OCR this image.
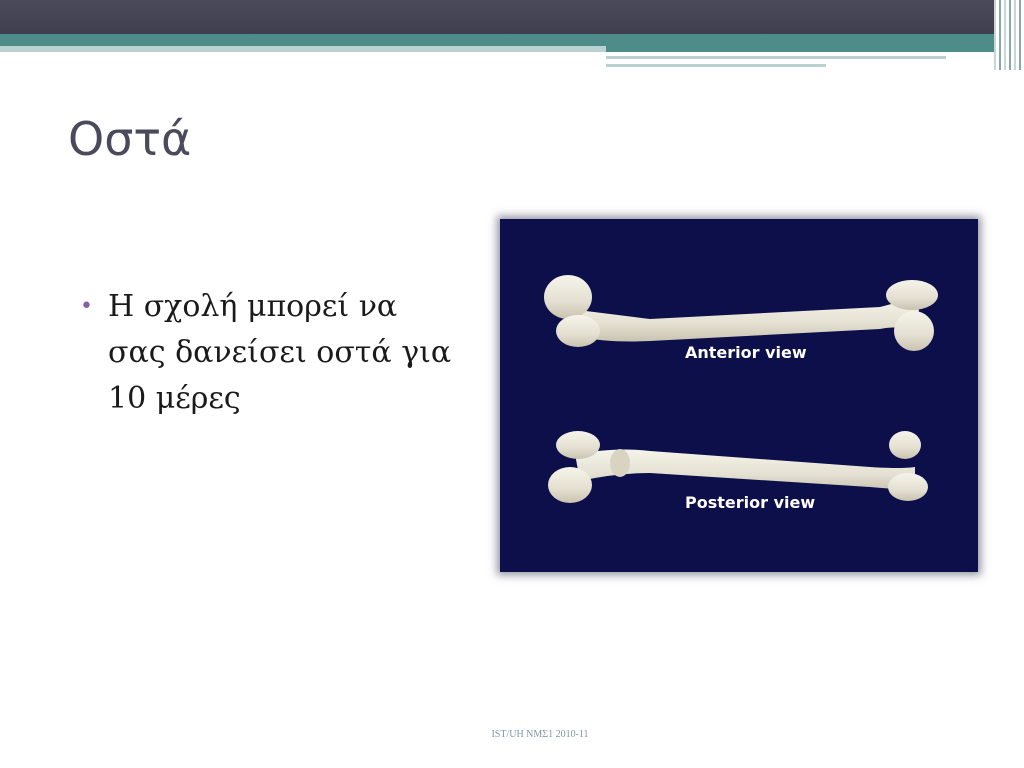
Οστά
• Η σχολή μπορεί να σας δανείσει οστά για 10 μέρες
Anterior view
Posterior view
IST/UH ΝΜΣ1 2010-11
